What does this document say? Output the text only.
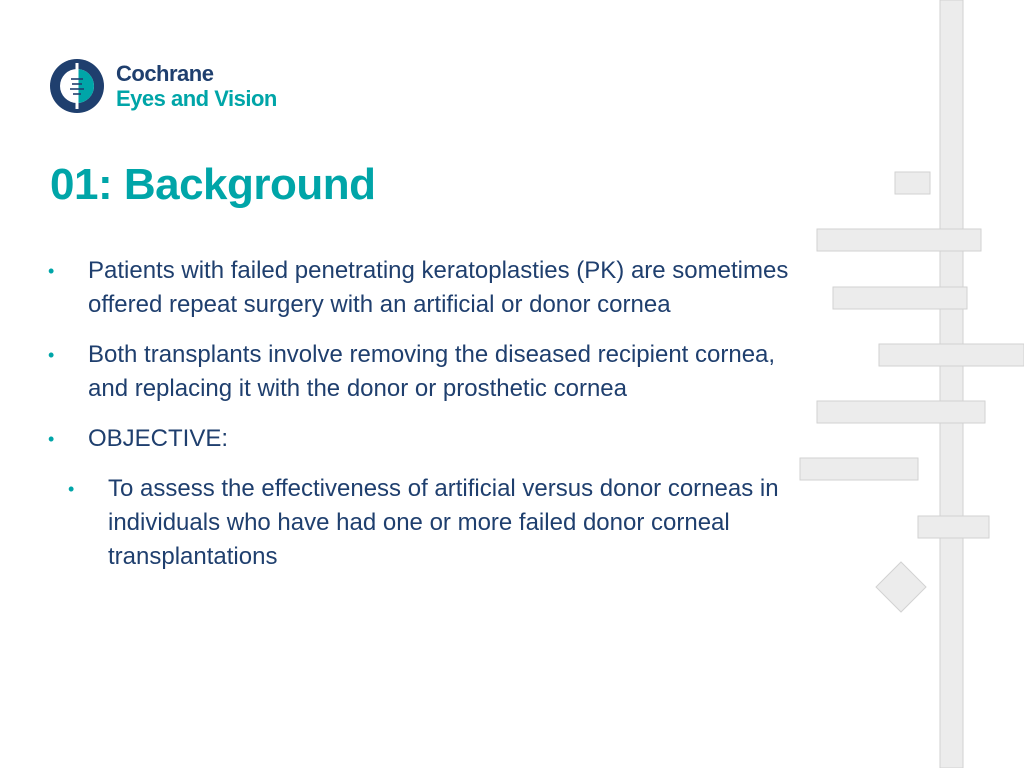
Cochrane
Eyes and Vision
01: Background
• Patients with failed penetrating keratoplasties (PK) are sometimes offered repeat surgery with an artificial or donor cornea
• Both transplants involve removing the diseased recipient cornea, and replacing it with the donor or prosthetic cornea
• OBJECTIVE:
• To assess the effectiveness of artificial versus donor corneas in individuals who have had one or more failed donor corneal transplantations
